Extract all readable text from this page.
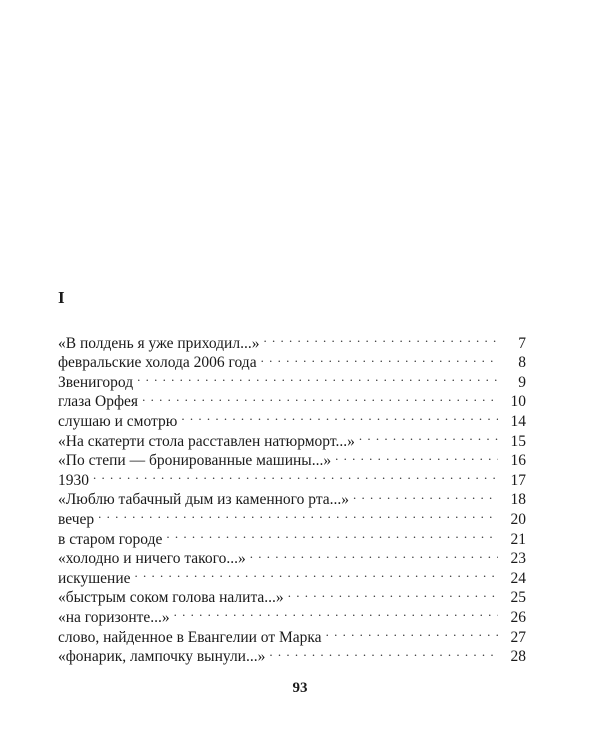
I
«В полдень я уже приходил...» . . .	7
февральские холода 2006 года . . .	8
Звенигород . . .	9
глаза Орфея . . .	10
слушаю и смотрю . . .	14
«На скатерти стола расставлен натюрморт...» . . .	15
«По степи — бронированные машины...» . . .	16
1930 . . .	17
«Люблю табачный дым из каменного рта...» . . .	18
вечер . . .	20
в старом городе . . .	21
«холодно и ничего такого...» . . .	23
искушение . . .	24
«быстрым соком голова налита...» . . .	25
«на горизонте...» . . .	26
слово, найденное в Евангелии от Марка . . .	27
«фонарик, лампочку вынули...» . . .	28
93
